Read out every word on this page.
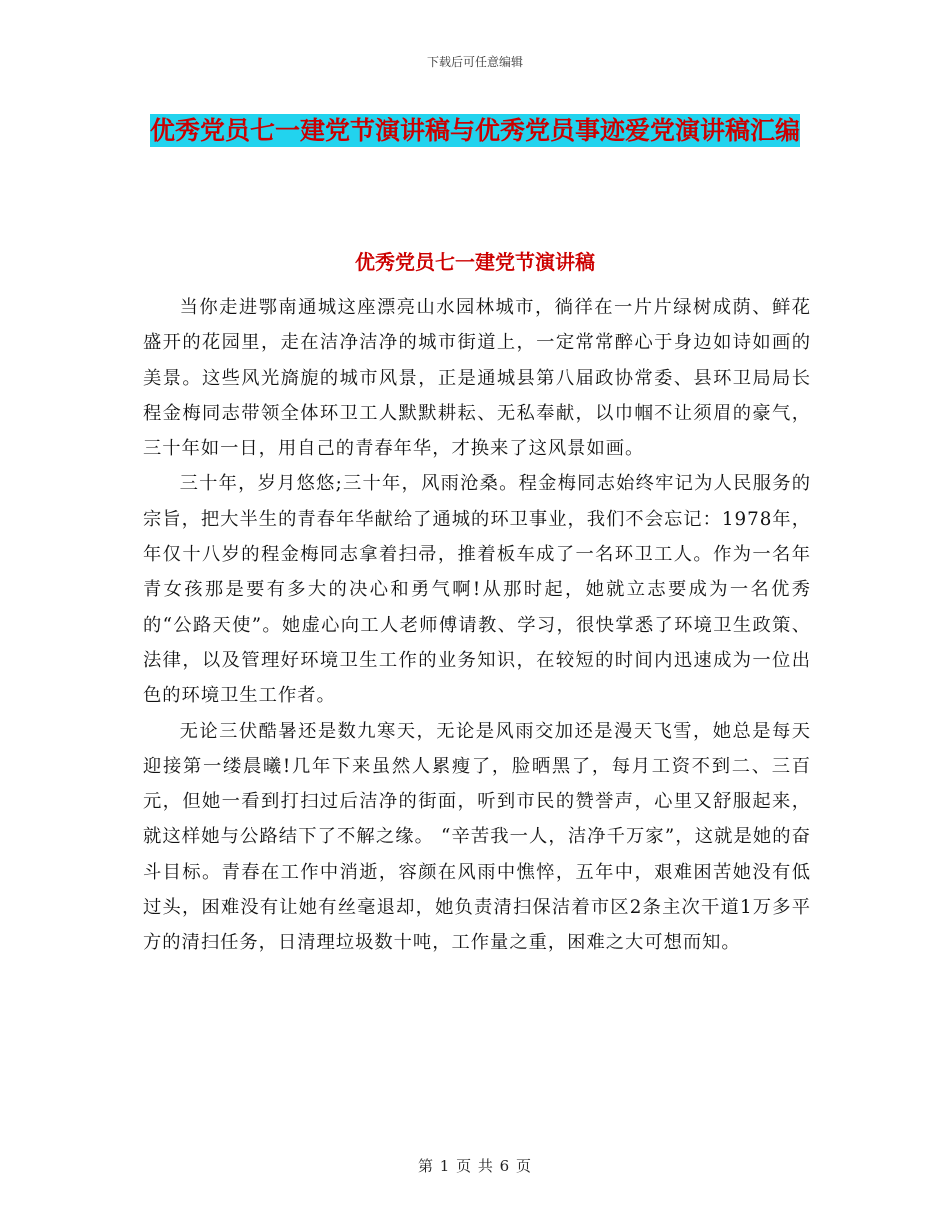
下载后可任意编辑
优秀党员七一建党节演讲稿与优秀党员事迹爱党演讲稿汇编
优秀党员七一建党节演讲稿

当你走进鄂南通城这座漂亮山水园林城市，徜徉在一片片绿树成荫、鲜花盛开的花园里，走在洁净洁净的城市街道上，一定常常醉心于身边如诗如画的美景。这些风光旖旎的城市风景，正是通城县第八届政协常委、县环卫局局长程金梅同志带领全体环卫工人默默耕耘、无私奉献，以巾帼不让须眉的豪气，三十年如一日，用自己的青春年华，才换来了这风景如画。

三十年，岁月悠悠;三十年，风雨沧桑。程金梅同志始终牢记为人民服务的宗旨，把大半生的青春年华献给了通城的环卫事业，我们不会忘记：1978年，年仅十八岁的程金梅同志拿着扫帚，推着板车成了一名环卫工人。作为一名年青女孩那是要有多大的决心和勇气啊!从那时起，她就立志要成为一名优秀的“公路天使”。她虚心向工人老师傅请教、学习，很快掌悉了环境卫生政策、法律，以及管理好环境卫生工作的业务知识，在较短的时间内迅速成为一位出色的环境卫生工作者。

无论三伏酷暑还是数九寒天，无论是风雨交加还是漫天飞雪，她总是每天迎接第一缕晨曦!几年下来虽然人累瘦了，脸晒黑了，每月工资不到二、三百元，但她一看到打扫过后洁净的街面，听到市民的赞誉声，心里又舒服起来，就这样她与公路结下了不解之缘。 “辛苦我一人，洁净千万家”，这就是她的奋斗目标。青春在工作中消逝，容颜在风雨中憔悴，五年中，艰难困苦她没有低过头，困难没有让她有丝毫退却，她负责清扫保洁着市区2条主次干道1万多平方的清扫任务，日清理垃圾数十吨，工作量之重，困难之大可想而知。

第 1 页 共 6 页
